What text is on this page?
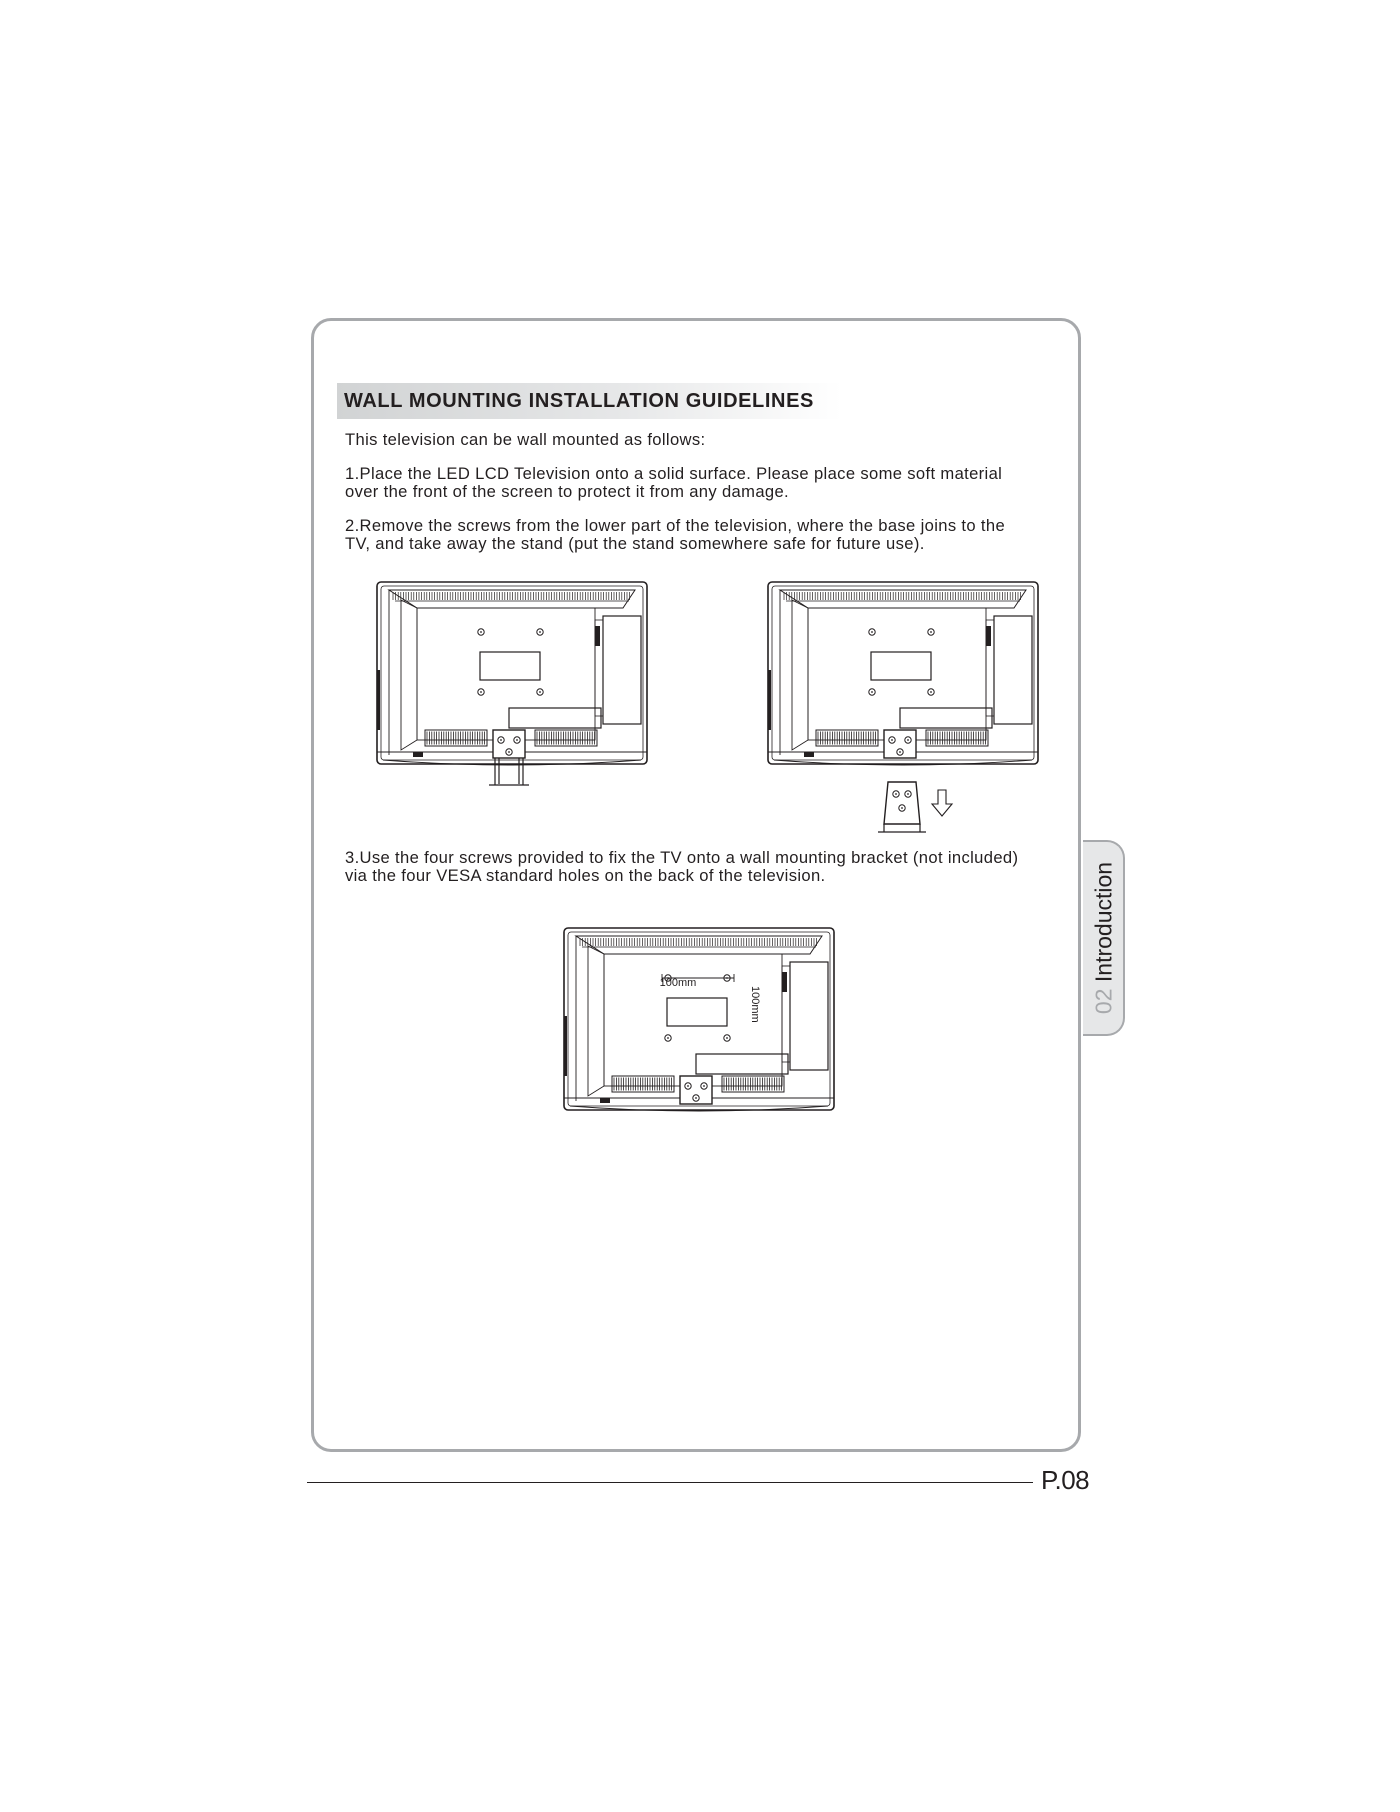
WALL MOUNTING INSTALLATION GUIDELINES
This television can be wall mounted as follows:
1.Place the LED LCD Television onto a solid surface. Please place some soft material
over the front of the screen to protect it from any damage.
2.Remove the screws from the lower part of the television, where the base joins to the
TV, and take away the stand (put the stand somewhere safe for future use).
3.Use the four screws provided to fix the TV onto a wall mounting bracket (not included)
via the four VESA standard holes on the back of the television.
100mm
100mm	02 Introduction
P.08
